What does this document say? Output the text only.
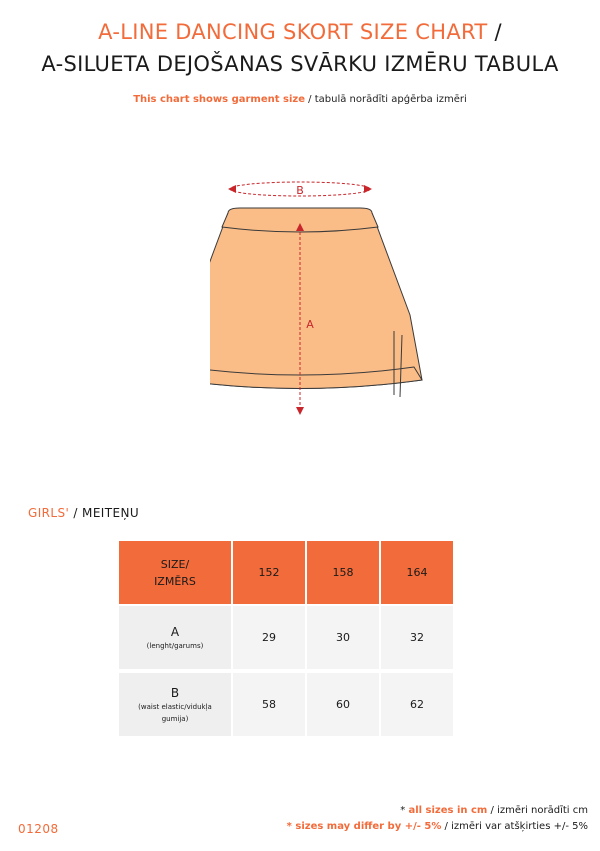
A-LINE DANCING SKORT SIZE CHART /
A-SILUETA DEJOŠANAS SVĀRKU IZMĒRU TABULA
This chart shows garment size / tabulā norādīti apģērba izmēri
B
A
GIRLS' / MEITEŅU
SIZE/
IZMĒRS	152	158	164

A
(lenght/garums)	29	30	32

B
(waist elastic/vidukļa
gumija)	58	60	62
01208
* all sizes in cm / izmēri norādīti cm
* sizes may differ by +/- 5% / izmēri var atšķirties +/- 5%
